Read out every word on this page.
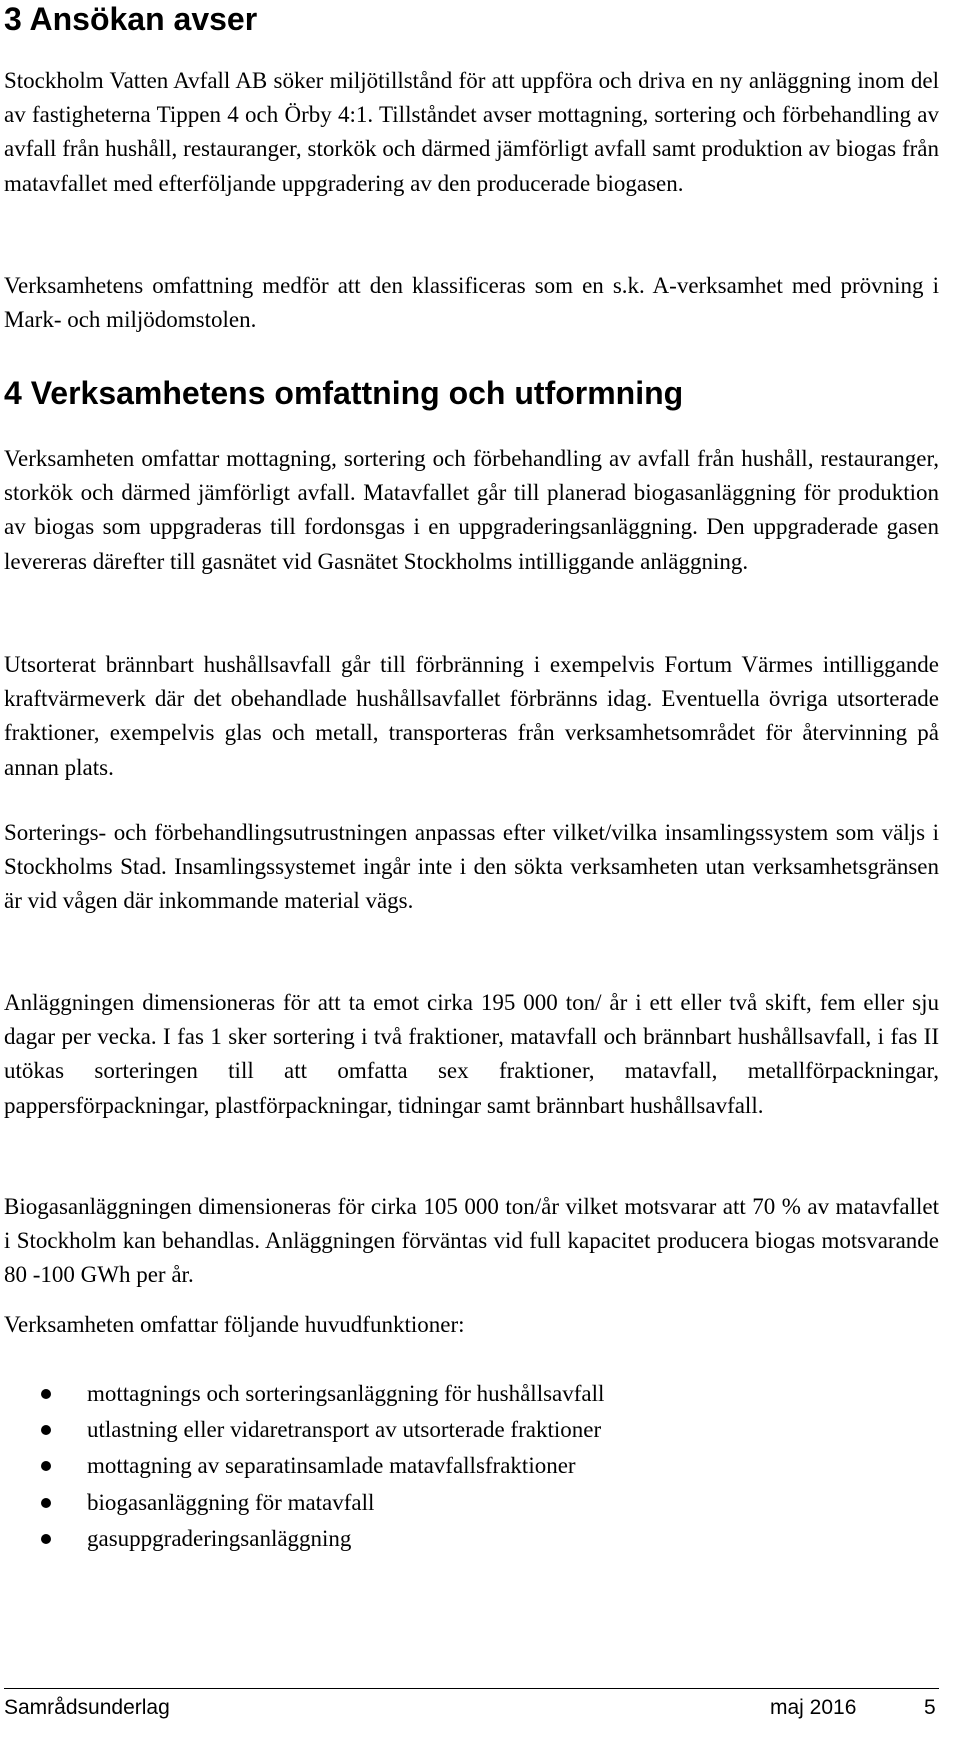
3 Ansökan avser

Stockholm Vatten Avfall AB söker miljötillstånd för att uppföra och driva en ny anläggning inom del av fastigheterna Tippen 4 och Örby 4:1. Tillståndet avser mottagning, sortering och förbehandling av avfall från hushåll, restauranger, storkök och därmed jämförligt avfall samt produktion av biogas från matavfallet med efterföljande uppgradering av den producerade biogasen.

Verksamhetens omfattning medför att den klassificeras som en s.k. A-verksamhet med prövning i Mark- och miljödomstolen.

4 Verksamhetens omfattning och utformning

Verksamheten omfattar mottagning, sortering och förbehandling av avfall från hushåll, restauranger, storkök och därmed jämförligt avfall. Matavfallet går till planerad biogasanläggning för produktion av biogas som uppgraderas till fordonsgas i en uppgraderingsanläggning. Den uppgraderade gasen levereras därefter till gasnätet vid Gasnätet Stockholms intilliggande anläggning.

Utsorterat brännbart hushållsavfall går till förbränning i exempelvis Fortum Värmes intilliggande kraftvärmeverk där det obehandlade hushållsavfallet förbränns idag. Eventuella övriga utsorterade fraktioner, exempelvis glas och metall, transporteras från verksamhetsområdet för återvinning på annan plats.

Sorterings- och förbehandlingsutrustningen anpassas efter vilket/vilka insamlingssystem som väljs i Stockholms Stad. Insamlingssystemet ingår inte i den sökta verksamheten utan verksamhetsgränsen är vid vågen där inkommande material vägs.

Anläggningen dimensioneras för att ta emot cirka 195 000 ton/ år i ett eller två skift, fem eller sju dagar per vecka. I fas 1 sker sortering i två fraktioner, matavfall och brännbart hushållsavfall, i fas II utökas sorteringen till att omfatta sex fraktioner, matavfall, metallförpackningar, pappersförpackningar, plastförpackningar, tidningar samt brännbart hushållsavfall.

Biogasanläggningen dimensioneras för cirka 105 000 ton/år vilket motsvarar att 70 % av matavfallet i Stockholm kan behandlas. Anläggningen förväntas vid full kapacitet producera biogas motsvarande 80 -100 GWh per år.

Verksamheten omfattar följande huvudfunktioner:

mottagnings och sorteringsanläggning för hushållsavfall
utlastning eller vidaretransport av utsorterade fraktioner
mottagning av separatinsamlade matavfallsfraktioner
biogasanläggning för matavfall
gasuppgraderingsanläggning
Samrådsunderlag	maj 2016	5
